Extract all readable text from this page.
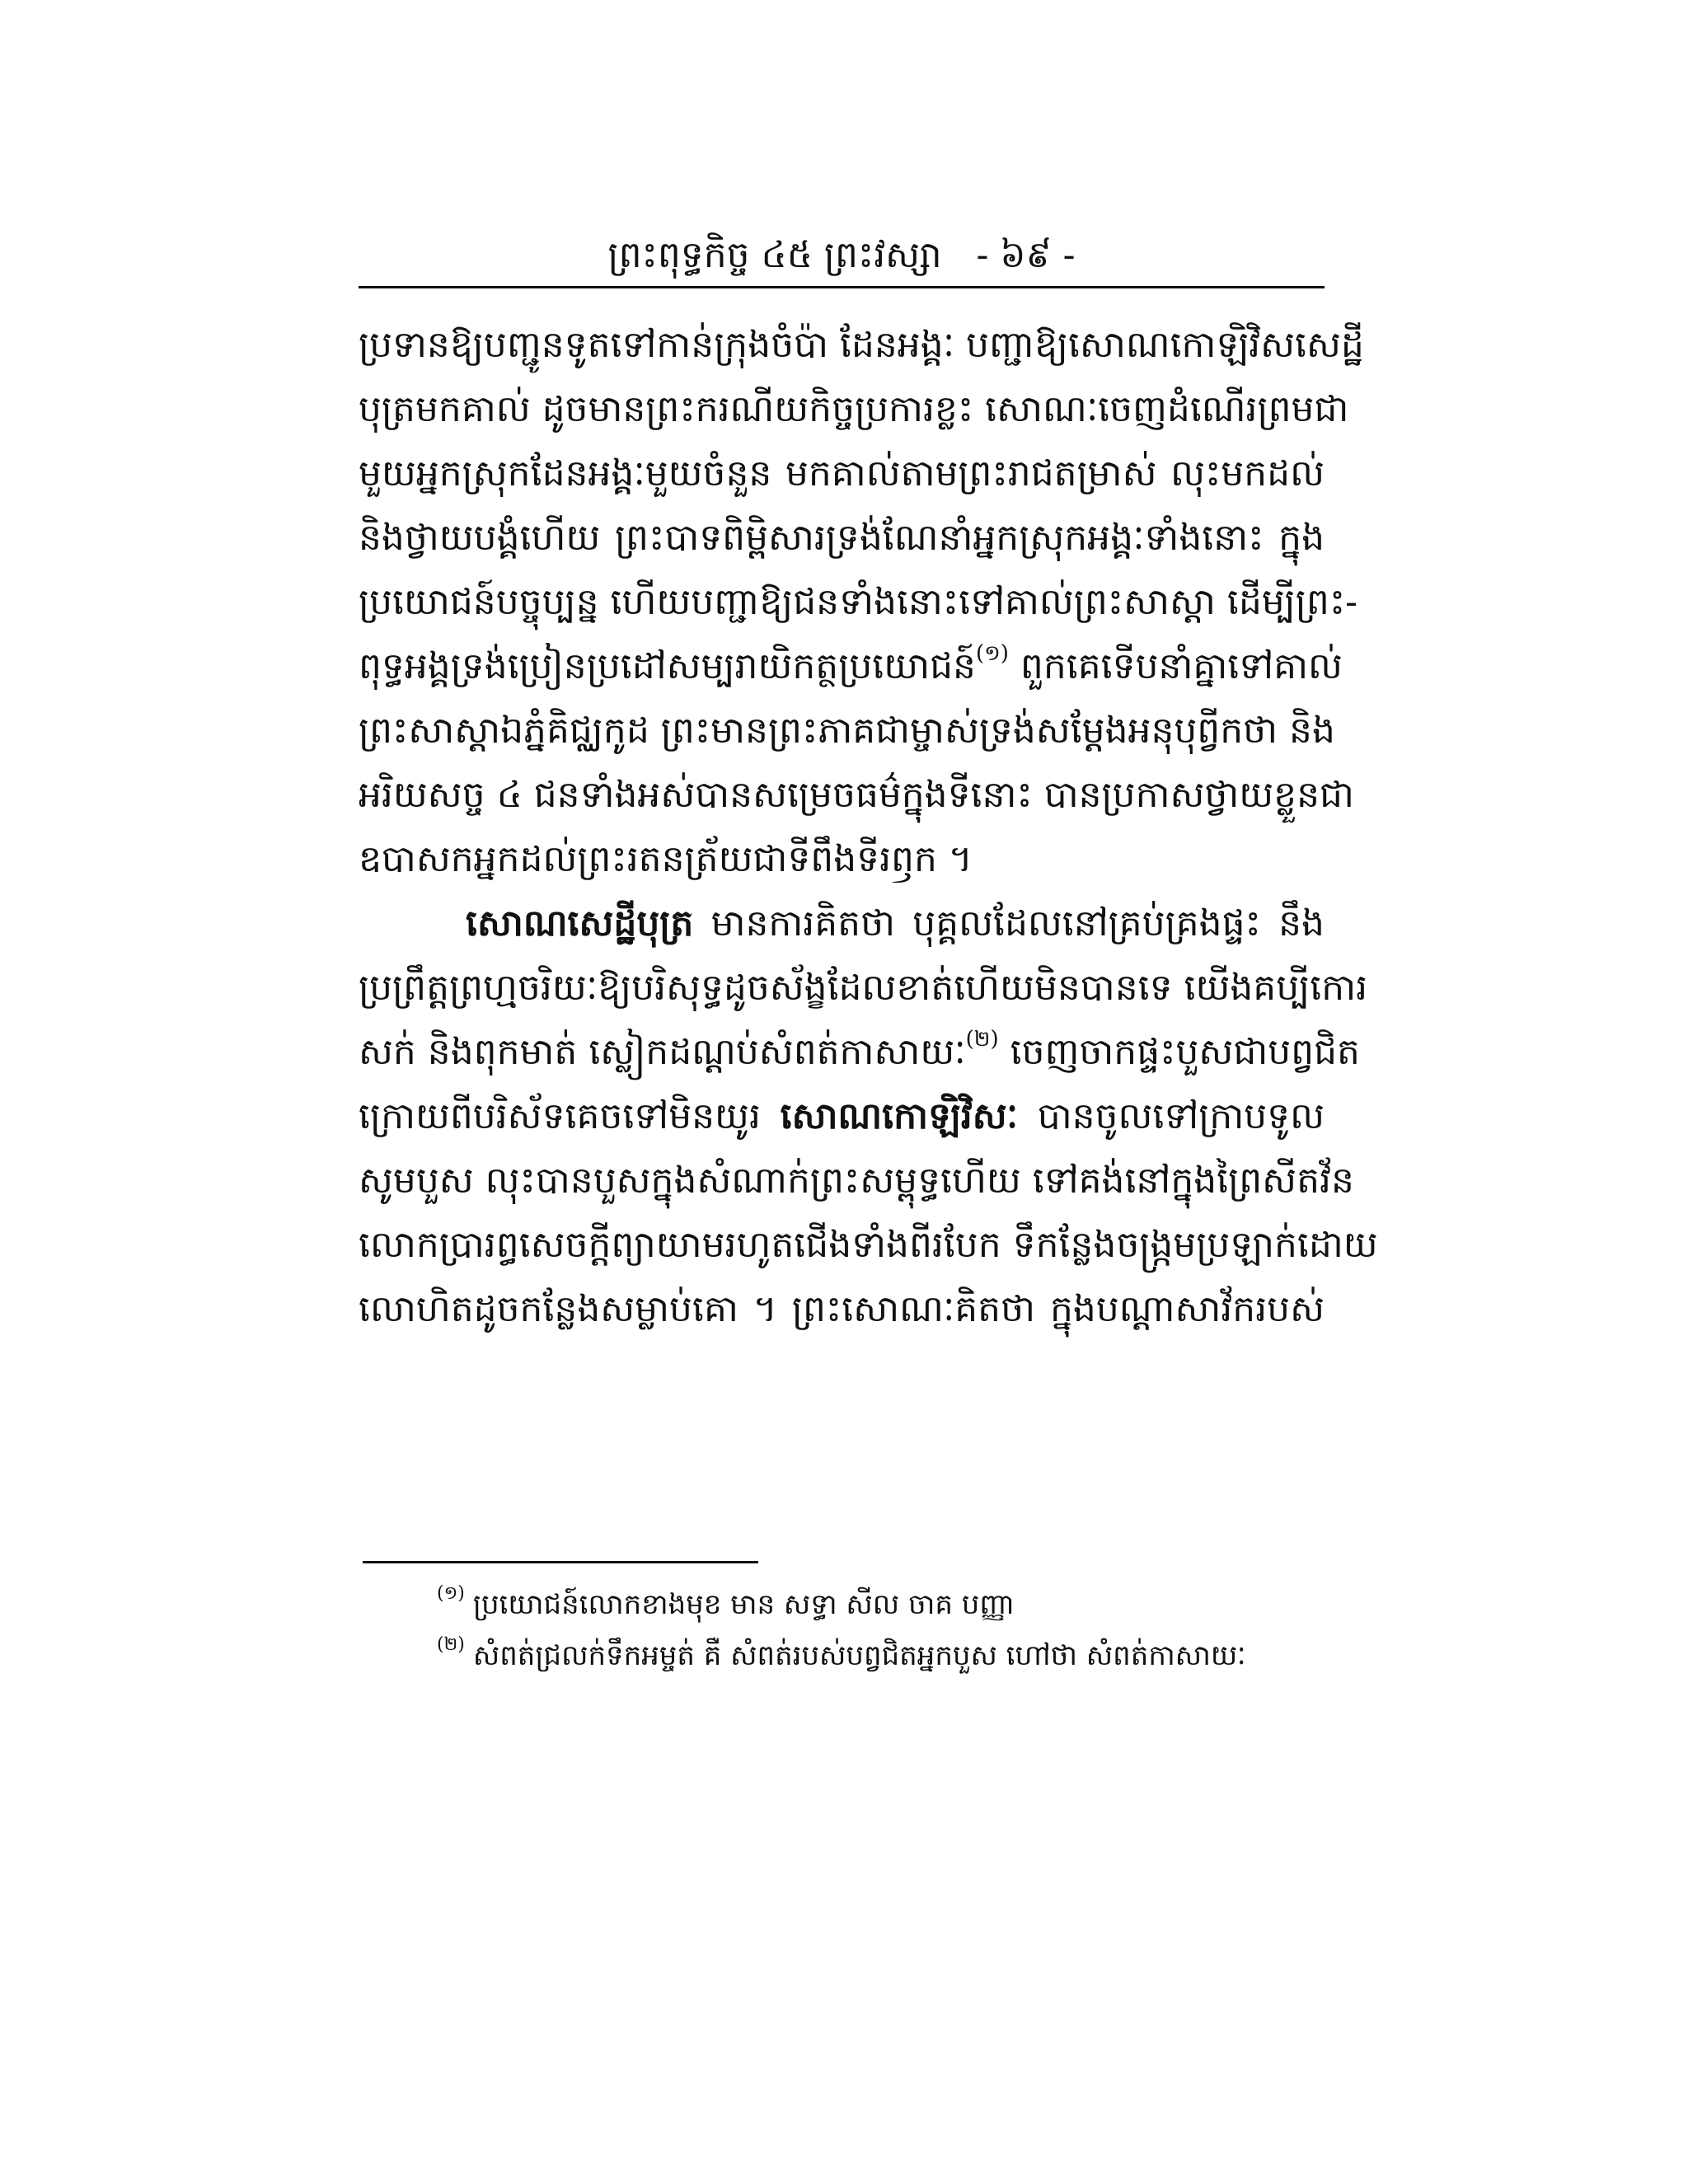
ព្រះពុទ្ធកិច្ច ៤៥ ព្រះវស្សា - ៦៩ -
ប្រទានឱ្យបញ្ជូនទូតទៅកាន់ក្រុងចំប៉ា ដែនអង្គៈ បញ្ជាឱ្យសោណកោឡិវិសសេដ្ឋី
បុត្រមកគាល់ ដូចមានព្រះករណីយកិច្ចប្រការខ្លះ សោណៈចេញដំណើរព្រមជា
មួយអ្នកស្រុកដែនអង្គៈមួយចំនួន មកគាល់តាមព្រះរាជតម្រាស់ លុះមកដល់
និងថ្វាយបង្គំហើយ ព្រះបាទពិម្ពិសារទ្រង់ណែនាំអ្នកស្រុកអង្គៈទាំងនោះ ក្នុង
ប្រយោជន៍បច្ចុប្បន្ន ហើយបញ្ជាឱ្យជនទាំងនោះទៅគាល់ព្រះសាស្តា ដើម្បីព្រះ-
ពុទ្ធអង្គទ្រង់ប្រៀនប្រដៅសម្បរាយិកត្ថប្រយោជន៍$^{(១)}$ ពួកគេទើបនាំគ្នាទៅគាល់
ព្រះសាស្តាឯភ្នំគិជ្ឈកូដ ព្រះមានព្រះភាគជាម្ចាស់ទ្រង់សម្តែងអនុបុព្វីកថា និង
អរិយសច្ច ៤ ជនទាំងអស់បានសម្រេចធម៌ក្នុងទីនោះ បានប្រកាសថ្វាយខ្លួនជា
ឧបាសកអ្នកដល់ព្រះរតនត្រ័យជាទីពឹងទីរឭក ។
សោណសេដ្ឋីបុត្រ មានការគិតថា បុគ្គលដែលនៅគ្រប់គ្រងផ្ទះ នឹង
ប្រព្រឹត្តព្រហ្មចរិយៈឱ្យបរិសុទ្ធដូចស័ង្ខដែលខាត់ហើយមិនបានទេ យើងគប្បីកោរ
សក់ និងពុកមាត់ ស្លៀកដណ្តប់សំពត់កាសាយៈ$^{(២)}$ ចេញចាកផ្ទះបួសជាបព្វជិត
ក្រោយពីបរិស័ទគេចទៅមិនយូរ សោណកោឡិវិសៈ បានចូលទៅក្រាបទូល
សូមបួស លុះបានបួសក្នុងសំណាក់ព្រះសម្ពុទ្ធហើយ ទៅគង់នៅក្នុងព្រៃសីតវ័ន
លោកប្រារព្ធសេចក្តីព្យាយាមរហូតជើងទាំងពីរបែក ទឹកន្លែងចង្ក្រមប្រឡាក់ដោយ
លោហិតដូចកន្លែងសម្លាប់គោ ។ ព្រះសោណៈគិតថា ក្នុងបណ្តាសាវ័ករបស់
$^{(១)}$ ប្រយោជន៍លោកខាងមុខ មាន សទ្ធា សីល ចាគ បញ្ញា
$^{(២)}$ សំពត់ជ្រលក់ទឹកអម្ចត់ គឺ សំពត់របស់បព្វជិតអ្នកបួស ហៅថា សំពត់កាសាយៈ
